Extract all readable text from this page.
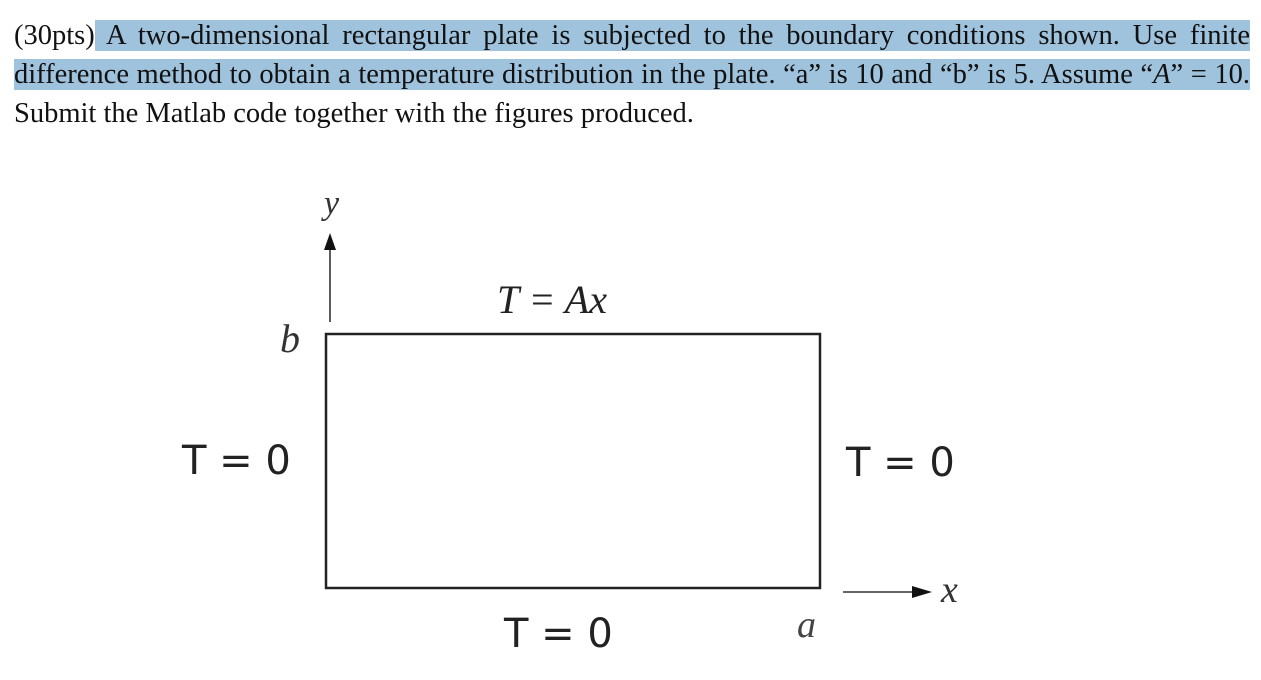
(30pts) A two-dimensional rectangular plate is subjected to the boundary conditions shown. Use finite difference method to obtain a temperature distribution in the plate. “a” is 10 and “b” is 5. Assume “A” = 10. Submit the Matlab code together with the figures produced.

y
x
b
a
T = Ax
T = 0	T = 0
T = 0
